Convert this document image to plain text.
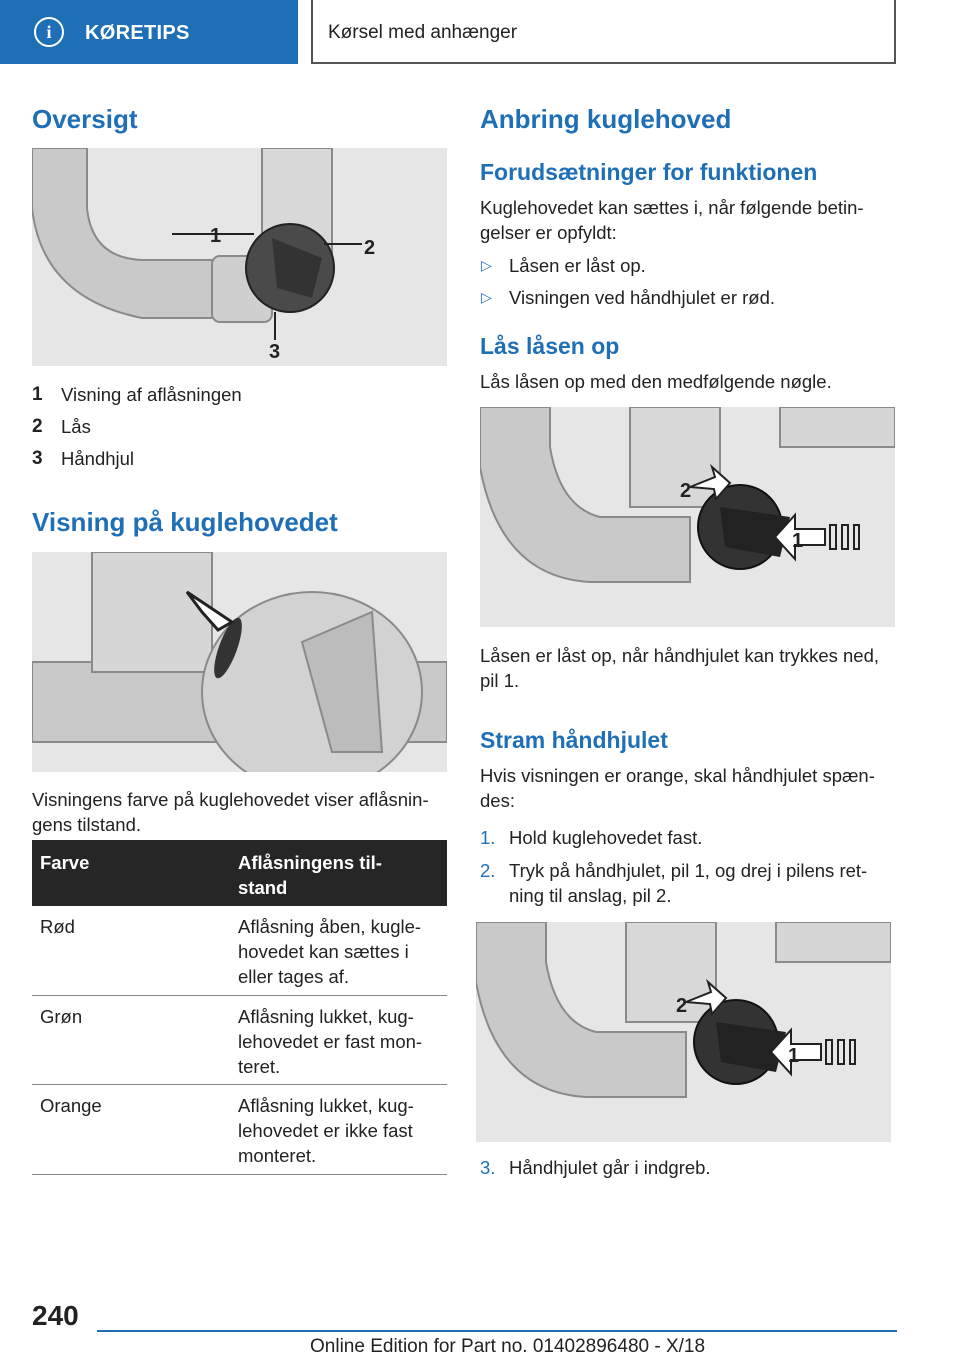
i	KØRETIPS	Kørsel med anhænger
Oversigt
1
2
3
1 Visning af aflåsningen
2 Lås
3 Håndhjul
Visning på kuglehovedet
Visningens farve på kuglehovedet viser aflåsnin-
gens tilstand.
Farve	Aflåsningens til-
stand
Rød	Aflåsning åben, kugle-
hovedet kan sættes i
eller tages af.
Grøn	Aflåsning lukket, kug-
lehovedet er fast mon-
teret.
Orange	Aflåsning lukket, kug-
lehovedet er ikke fast
monteret.
Anbring kuglehoved
Forudsætninger for funktionen
Kuglehovedet kan sættes i, når følgende betin-
gelser er opfyldt:
▷ Låsen er låst op.
▷ Visningen ved håndhjulet er rød.
Lås låsen op
Lås låsen op med den medfølgende nøgle.
2
1
Låsen er låst op, når håndhjulet kan trykkes ned,
pil 1.
Stram håndhjulet
Hvis visningen er orange, skal håndhjulet spæn-
des:
1. Hold kuglehovedet fast.
2. Tryk på håndhjulet, pil 1, og drej i pilens ret-
ning til anslag, pil 2.
2
1
3. Håndhjulet går i indgreb.
240
Online Edition for Part no. 01402896480 - X/18
